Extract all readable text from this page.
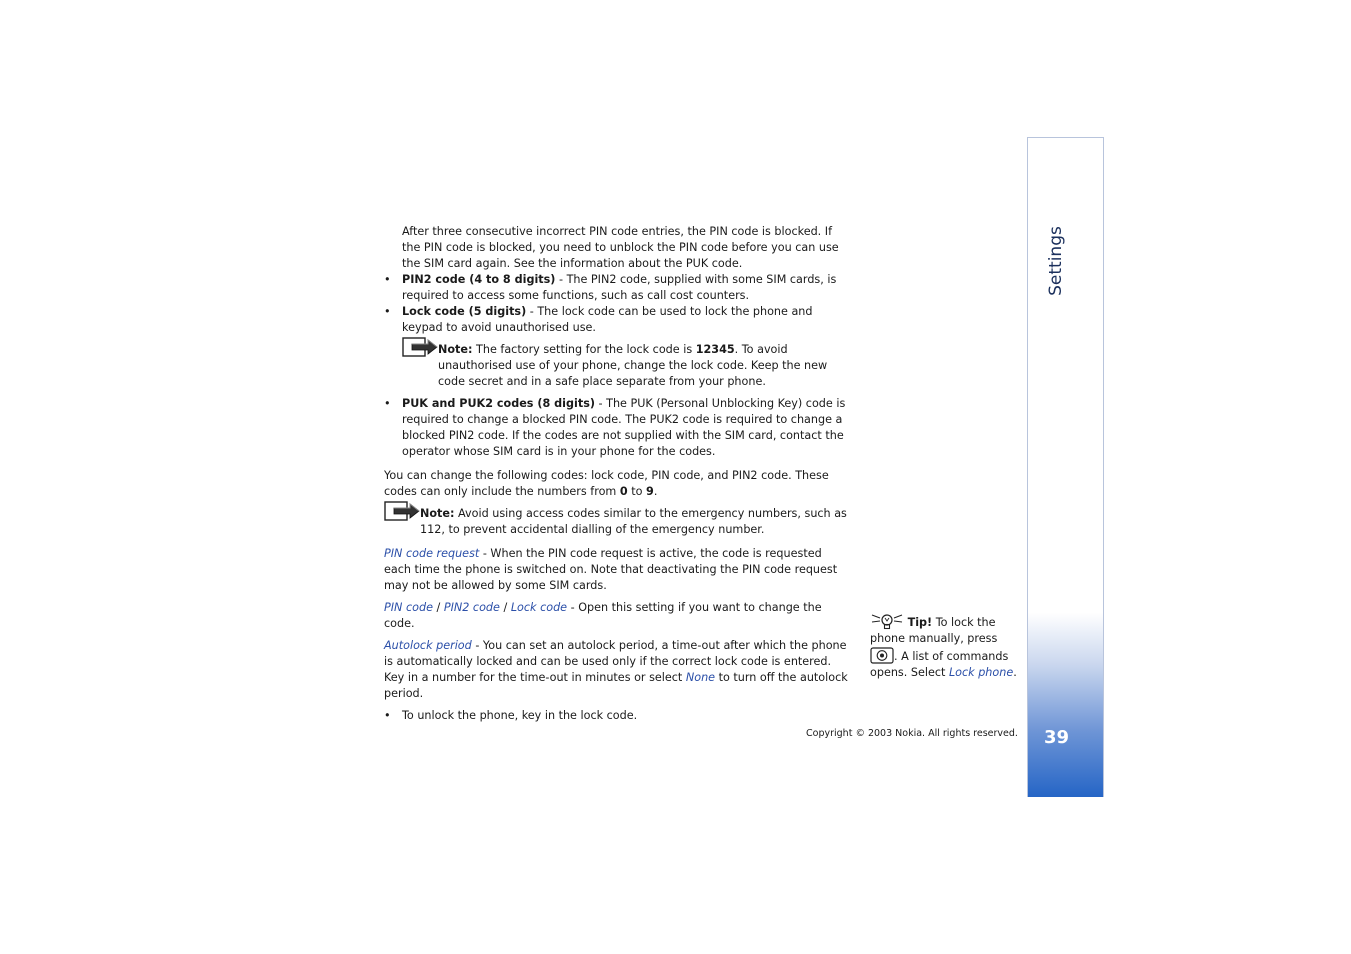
After three consecutive incorrect PIN code entries, the PIN code is blocked. If the PIN code is blocked, you need to unblock the PIN code before you can use the SIM card again. See the information about the PUK code.

• PIN2 code (4 to 8 digits) - The PIN2 code, supplied with some SIM cards, is required to access some functions, such as call cost counters.

• Lock code (5 digits) - The lock code can be used to lock the phone and keypad to avoid unauthorised use.

Note: The factory setting for the lock code is 12345. To avoid unauthorised use of your phone, change the lock code. Keep the new code secret and in a safe place separate from your phone.

• PUK and PUK2 codes (8 digits) - The PUK (Personal Unblocking Key) code is required to change a blocked PIN code. The PUK2 code is required to change a blocked PIN2 code. If the codes are not supplied with the SIM card, contact the operator whose SIM card is in your phone for the codes.

You can change the following codes: lock code, PIN code, and PIN2 code. These codes can only include the numbers from 0 to 9.

Note: Avoid using access codes similar to the emergency numbers, such as 112, to prevent accidental dialling of the emergency number.

PIN code request - When the PIN code request is active, the code is requested each time the phone is switched on. Note that deactivating the PIN code request may not be allowed by some SIM cards.

PIN code / PIN2 code / Lock code - Open this setting if you want to change the code.

Autolock period - You can set an autolock period, a time-out after which the phone is automatically locked and can be used only if the correct lock code is entered. Key in a number for the time-out in minutes or select None to turn off the autolock period.

• To unlock the phone, key in the lock code.

Tip! To lock the phone manually, press . A list of commands opens. Select Lock phone.
Copyright © 2003 Nokia. All rights reserved.
Settings
39
